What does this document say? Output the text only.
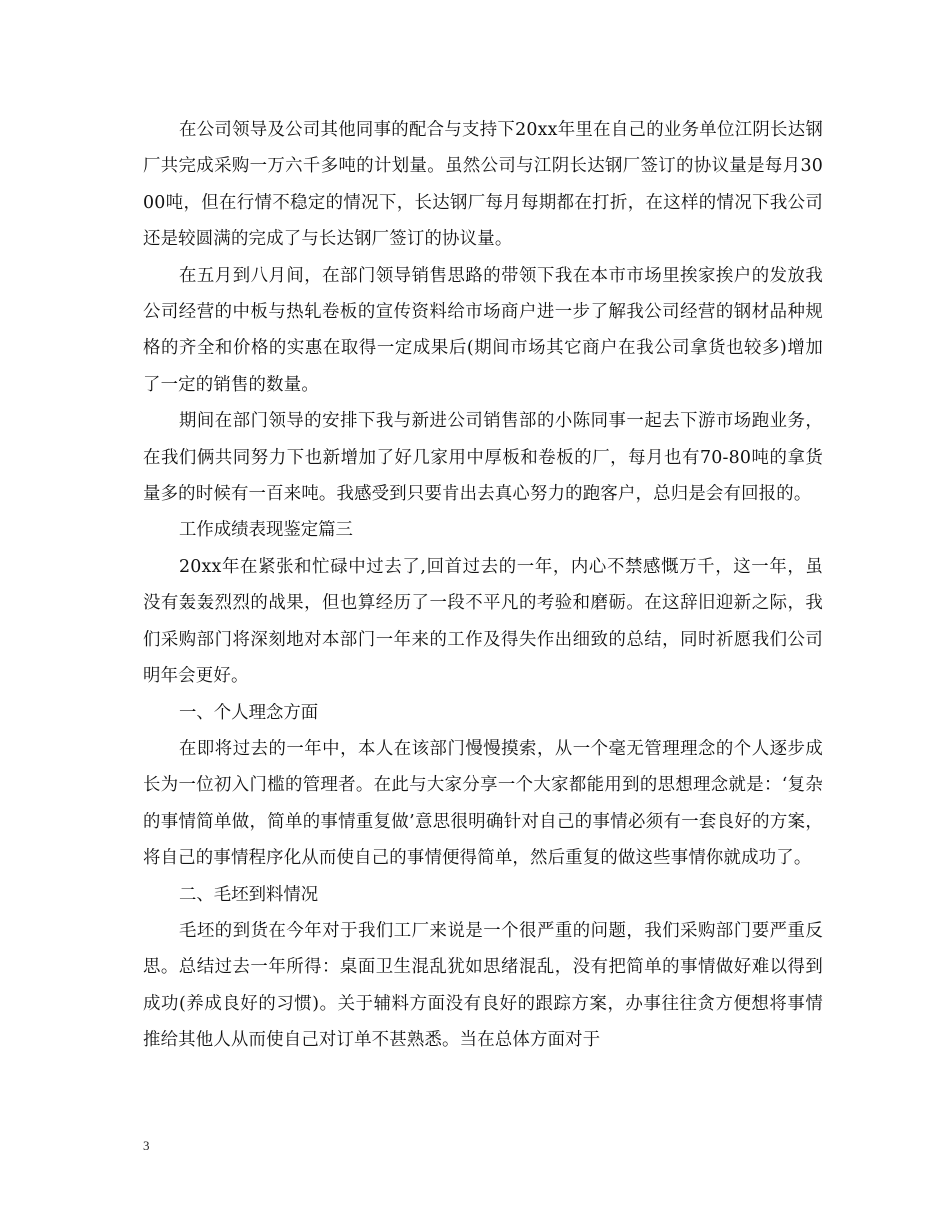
在公司领导及公司其他同事的配合与支持下20xx年里在自己的业务单位江阴长达钢厂共完成采购一万六千多吨的计划量。虽然公司与江阴长达钢厂签订的协议量是每月3000吨，但在行情不稳定的情况下，长达钢厂每月每期都在打折，在这样的情况下我公司还是较圆满的完成了与长达钢厂签订的协议量。

在五月到八月间，在部门领导销售思路的带领下我在本市市场里挨家挨户的发放我公司经营的中板与热轧卷板的宣传资料给市场商户进一步了解我公司经营的钢材品种规格的齐全和价格的实惠在取得一定成果后(期间市场其它商户在我公司拿货也较多)增加了一定的销售的数量。

期间在部门领导的安排下我与新进公司销售部的小陈同事一起去下游市场跑业务，在我们俩共同努力下也新增加了好几家用中厚板和卷板的厂，每月也有70-80吨的拿货量多的时候有一百来吨。我感受到只要肯出去真心努力的跑客户，总归是会有回报的。

工作成绩表现鉴定篇三

20xx年在紧张和忙碌中过去了,回首过去的一年，内心不禁感慨万千，这一年，虽没有轰轰烈烈的战果，但也算经历了一段不平凡的考验和磨砺。在这辞旧迎新之际，我们采购部门将深刻地对本部门一年来的工作及得失作出细致的总结，同时祈愿我们公司明年会更好。

一、个人理念方面

在即将过去的一年中，本人在该部门慢慢摸索，从一个毫无管理理念的个人逐步成长为一位初入门槛的管理者。在此与大家分享一个大家都能用到的思想理念就是：‘复杂的事情简单做，简单的事情重复做’意思很明确针对自己的事情必须有一套良好的方案，将自己的事情程序化从而使自己的事情便得简单，然后重复的做这些事情你就成功了。

二、毛坯到料情况

毛坯的到货在今年对于我们工厂来说是一个很严重的问题，我们采购部门要严重反思。总结过去一年所得：桌面卫生混乱犹如思绪混乱，没有把简单的事情做好难以得到成功(养成良好的习惯)。关于辅料方面没有良好的跟踪方案，办事往往贪方便想将事情推给其他人从而使自己对订单不甚熟悉。当在总体方面对于

3
